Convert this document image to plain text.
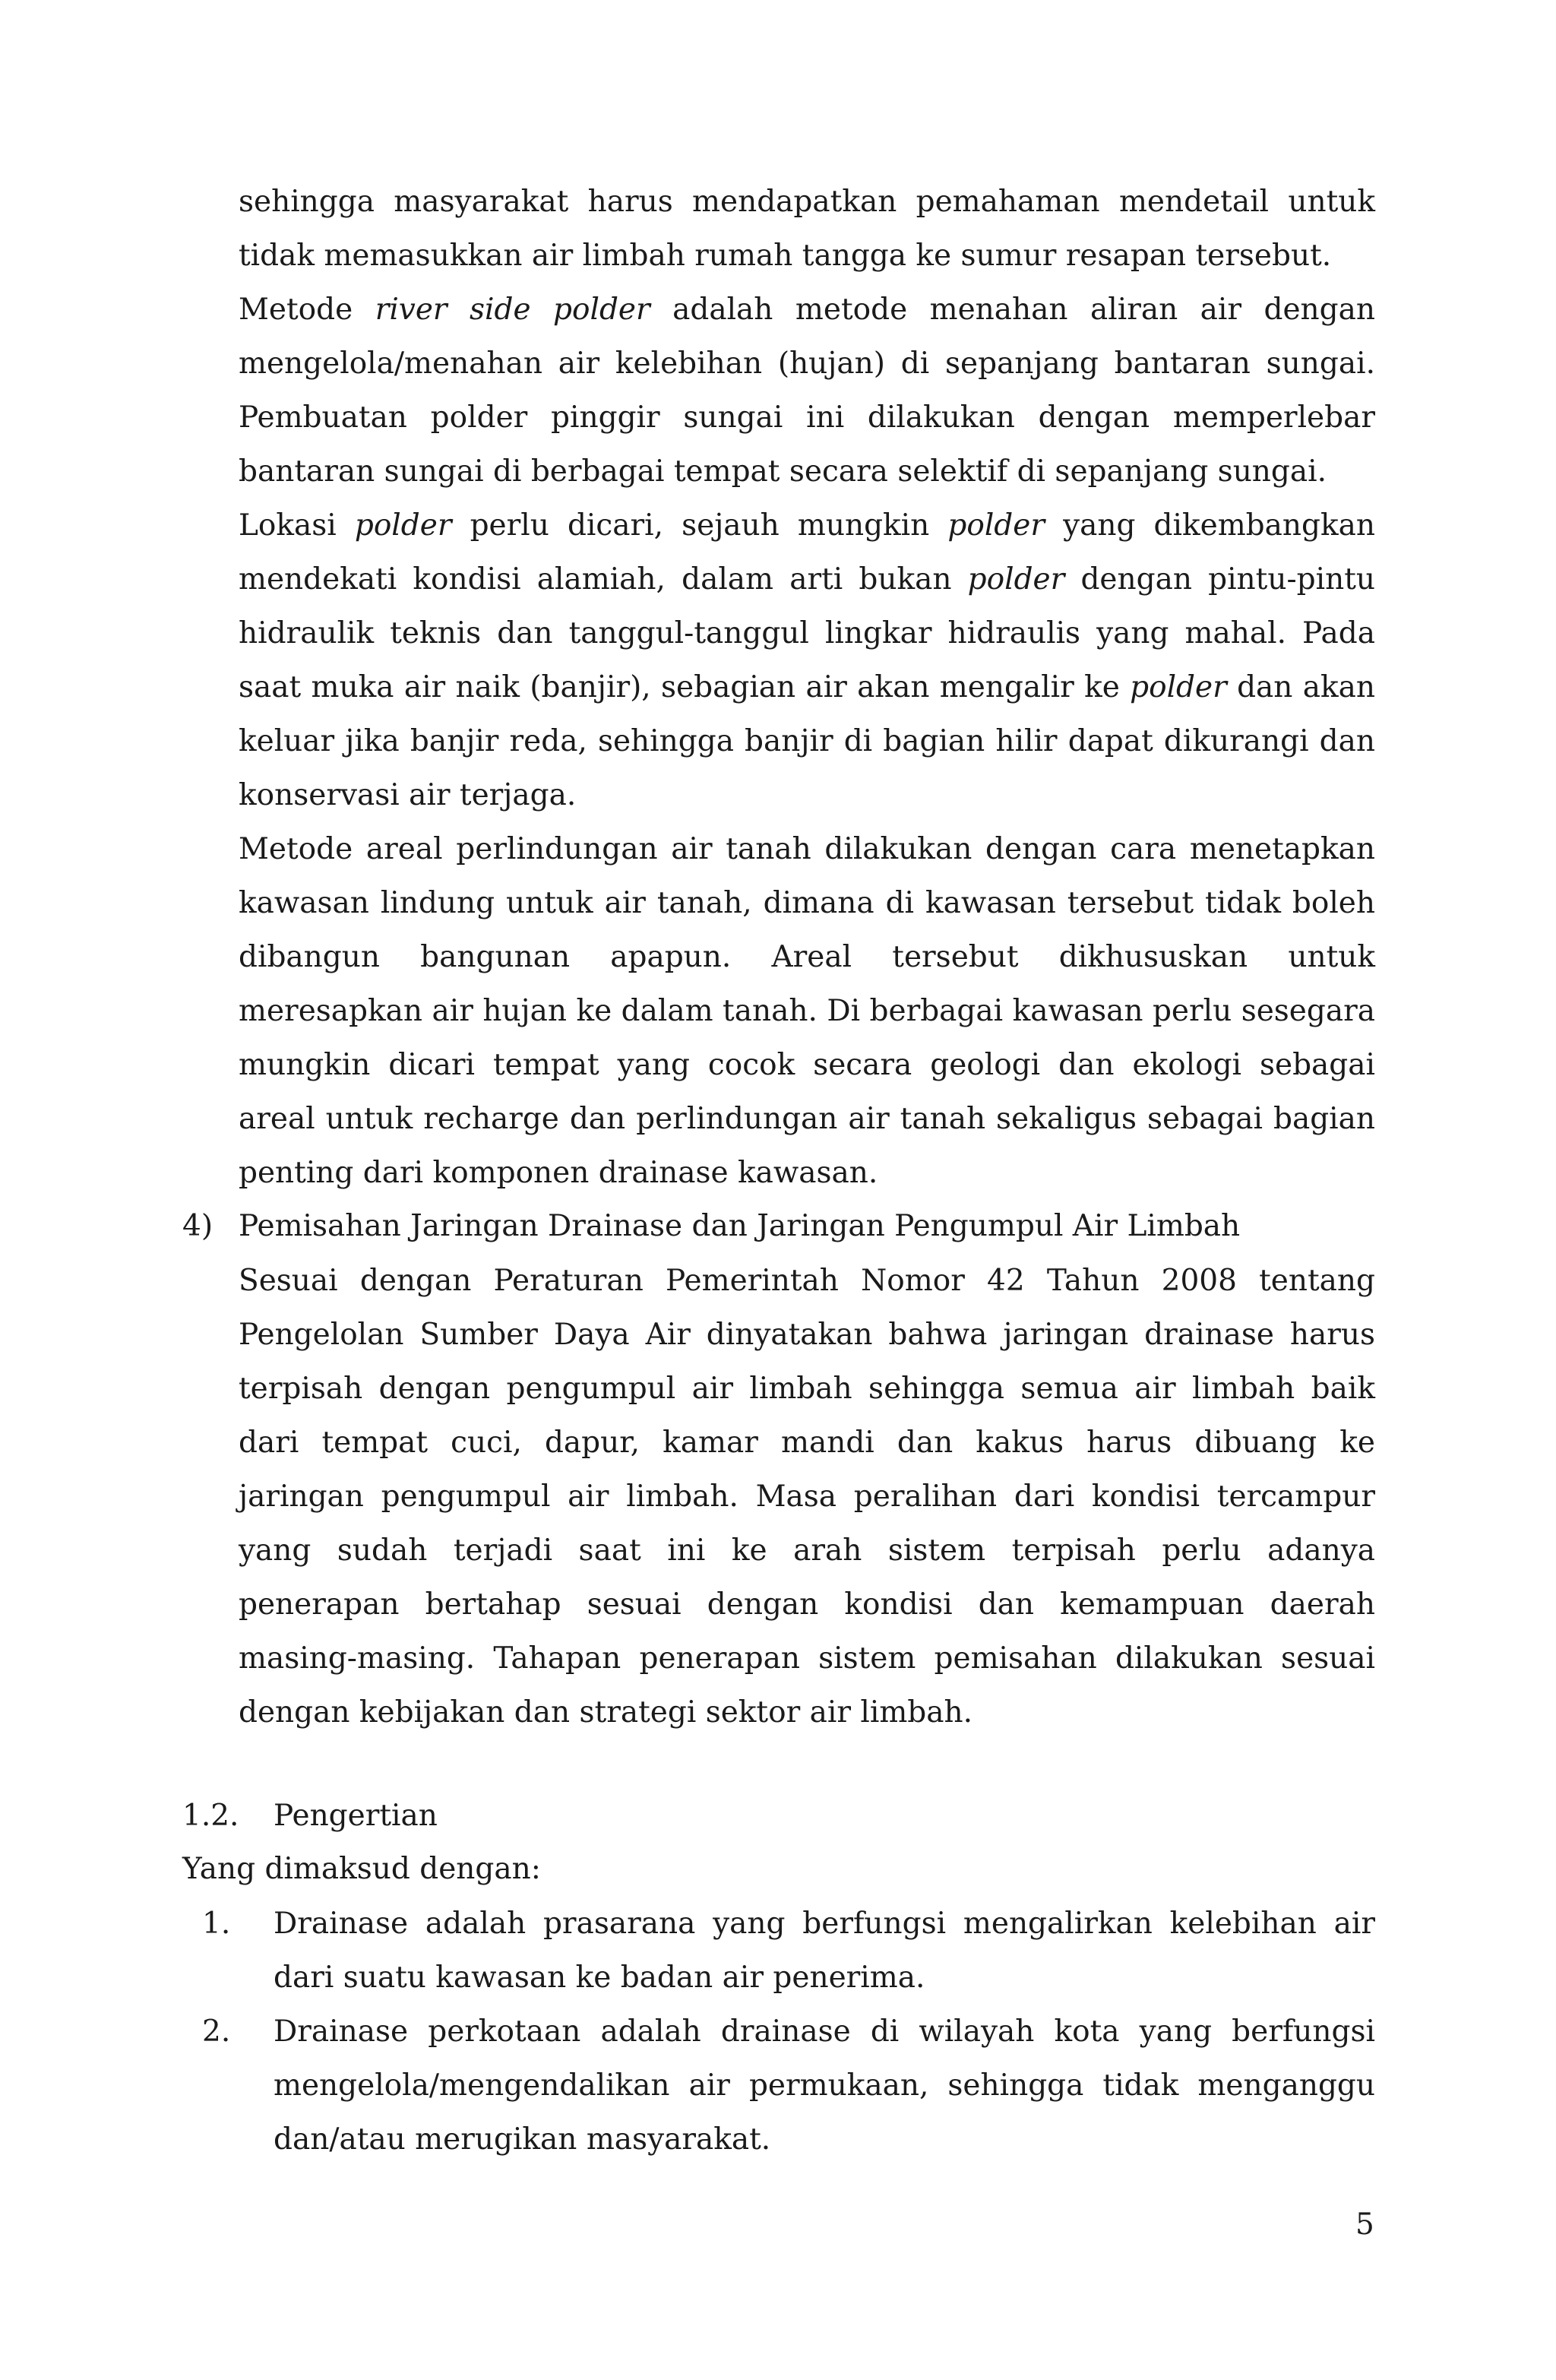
sehingga masyarakat harus mendapatkan pemahaman mendetail untuk tidak memasukkan air limbah rumah tangga ke sumur resapan tersebut.

Metode river side polder adalah metode menahan aliran air dengan mengelola/menahan air kelebihan (hujan) di sepanjang bantaran sungai. Pembuatan polder pinggir sungai ini dilakukan dengan memperlebar bantaran sungai di berbagai tempat secara selektif di sepanjang sungai.

Lokasi polder perlu dicari, sejauh mungkin polder yang dikembangkan mendekati kondisi alamiah, dalam arti bukan polder dengan pintu-pintu hidraulik teknis dan tanggul-tanggul lingkar hidraulis yang mahal. Pada saat muka air naik (banjir), sebagian air akan mengalir ke polder dan akan keluar jika banjir reda, sehingga banjir di bagian hilir dapat dikurangi dan konservasi air terjaga.

Metode areal perlindungan air tanah dilakukan dengan cara menetapkan kawasan lindung untuk air tanah, dimana di kawasan tersebut tidak boleh dibangun bangunan apapun. Areal tersebut dikhususkan untuk meresapkan air hujan ke dalam tanah. Di berbagai kawasan perlu sesegara mungkin dicari tempat yang cocok secara geologi dan ekologi sebagai areal untuk recharge dan perlindungan air tanah sekaligus sebagai bagian penting dari komponen drainase kawasan.

4) Pemisahan Jaringan Drainase dan Jaringan Pengumpul Air Limbah

Sesuai dengan Peraturan Pemerintah Nomor 42 Tahun 2008 tentang Pengelolan Sumber Daya Air dinyatakan bahwa jaringan drainase harus terpisah dengan pengumpul air limbah sehingga semua air limbah baik dari tempat cuci, dapur, kamar mandi dan kakus harus dibuang ke jaringan pengumpul air limbah. Masa peralihan dari kondisi tercampur yang sudah terjadi saat ini ke arah sistem terpisah perlu adanya penerapan bertahap sesuai dengan kondisi dan kemampuan daerah masing-masing. Tahapan penerapan sistem pemisahan dilakukan sesuai dengan kebijakan dan strategi sektor air limbah.

1.2. Pengertian

Yang dimaksud dengan:

1. Drainase adalah prasarana yang berfungsi mengalirkan kelebihan air dari suatu kawasan ke badan air penerima.

2. Drainase perkotaan adalah drainase di wilayah kota yang berfungsi mengelola/mengendalikan air permukaan, sehingga tidak menganggu dan/atau merugikan masyarakat.

5
